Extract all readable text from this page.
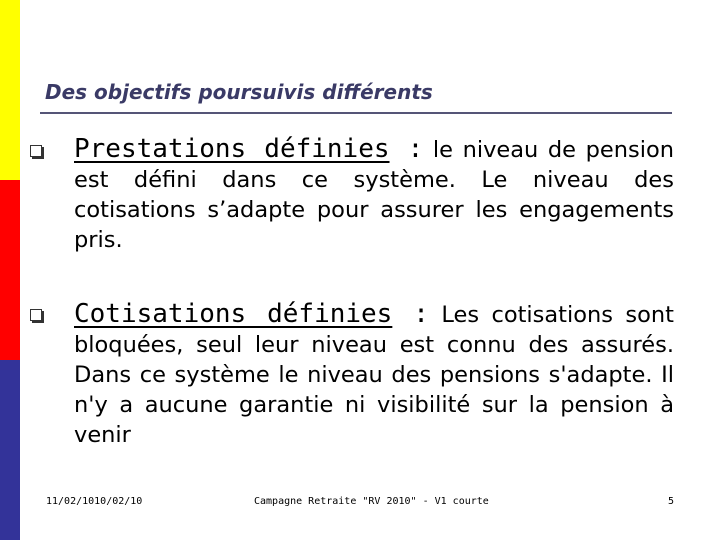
Des objectifs poursuivis différents
Prestations définies : le niveau de pension est défini dans ce système. Le niveau des cotisations s’adapte pour assurer les engagements pris.
Cotisations définies : Les cotisations sont bloquées, seul leur niveau est connu des assurés. Dans ce système le niveau des pensions s'adapte. Il n'y a aucune garantie ni visibilité sur la pension à venir
11/02/1010/02/10	Campagne Retraite "RV 2010" - V1 courte	5
